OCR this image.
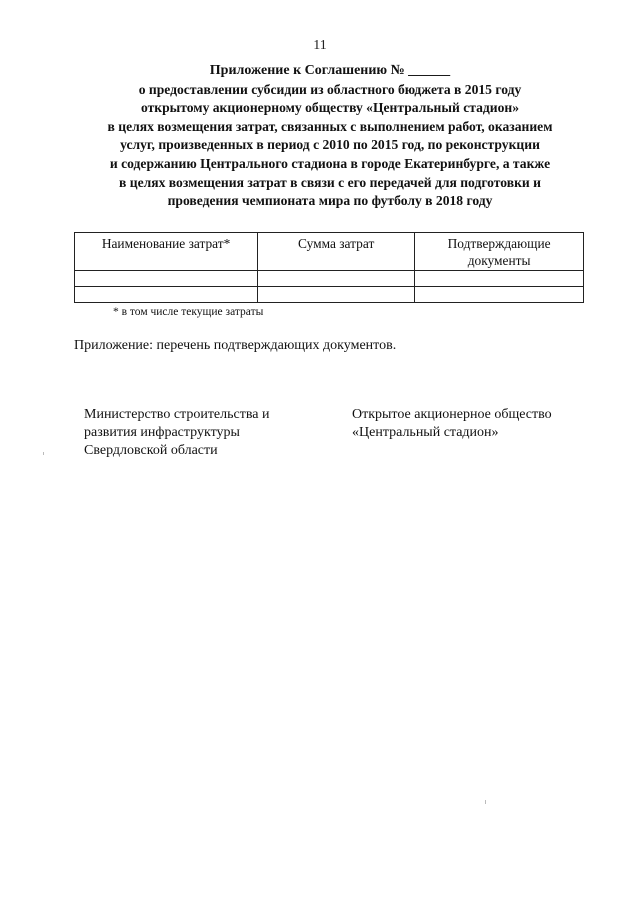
11
Приложение к Соглашению № ______
о предоставлении субсидии из областного бюджета в 2015 году
открытому акционерному обществу «Центральный стадион»
в целях возмещения затрат, связанных с выполнением работ, оказанием
услуг, произведенных в период с 2010 по 2015 год, по реконструкции
и содержанию Центрального стадиона в городе Екатеринбурге, а также
в целях возмещения затрат в связи с его передачей для подготовки и
проведения чемпионата мира по футболу в 2018 году
Наименование затрат*	Сумма затрат	Подтверждающие документы

* в том числе текущие затраты
Приложение: перечень подтверждающих документов.
Министерство строительства и
развития инфраструктуры
Свердловской области
Открытое акционерное общество
«Центральный стадион»
